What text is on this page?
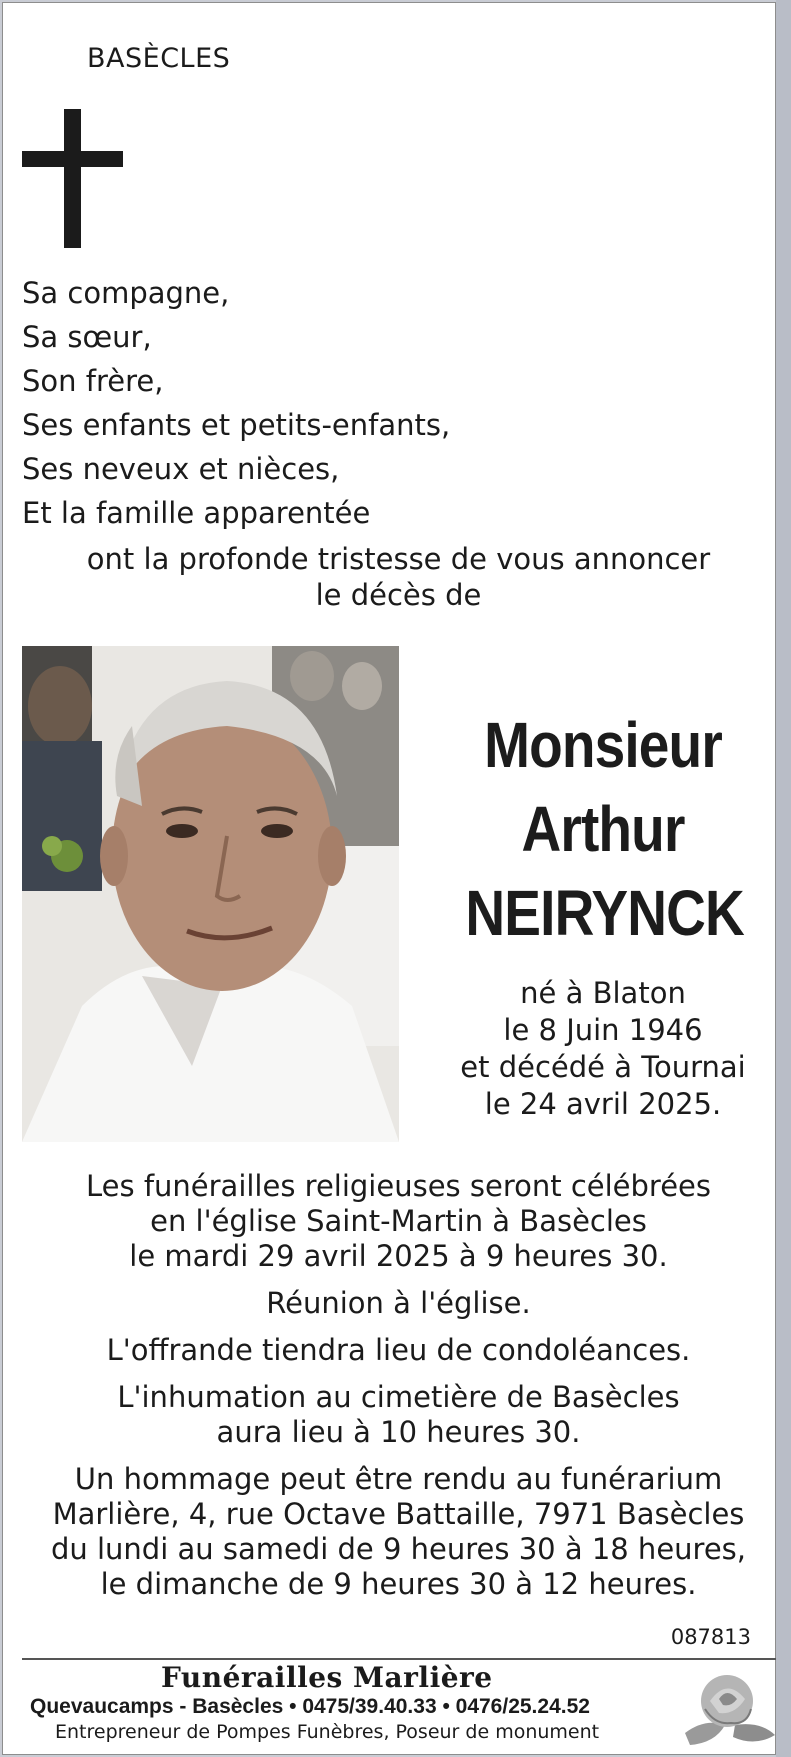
BASÈCLES
Sa compagne,
Sa sœur,
Son frère,
Ses enfants et petits-enfants,
Ses neveux et nièces,
Et la famille apparentée
ont la profonde tristesse de vous annoncer
le décès de
Monsieur
Arthur
NEIRYNCK
né à Blaton
le 8 Juin 1946
et décédé à Tournai
le 24 avril 2025.

Les funérailles religieuses seront célébrées
en l'église Saint-Martin à Basècles
le mardi 29 avril 2025 à 9 heures 30.

Réunion à l'église.

L'offrande tiendra lieu de condoléances.

L'inhumation au cimetière de Basècles
aura lieu à 10 heures 30.

Un hommage peut être rendu au funérarium
Marlière, 4, rue Octave Battaille, 7971 Basècles
du lundi au samedi de 9 heures 30 à 18 heures,
le dimanche de 9 heures 30 à 12 heures.

087813
Funérailles Marlière
Quevaucamps - Basècles • 0475/39.40.33 • 0476/25.24.52
Entrepreneur de Pompes Funèbres, Poseur de monument
